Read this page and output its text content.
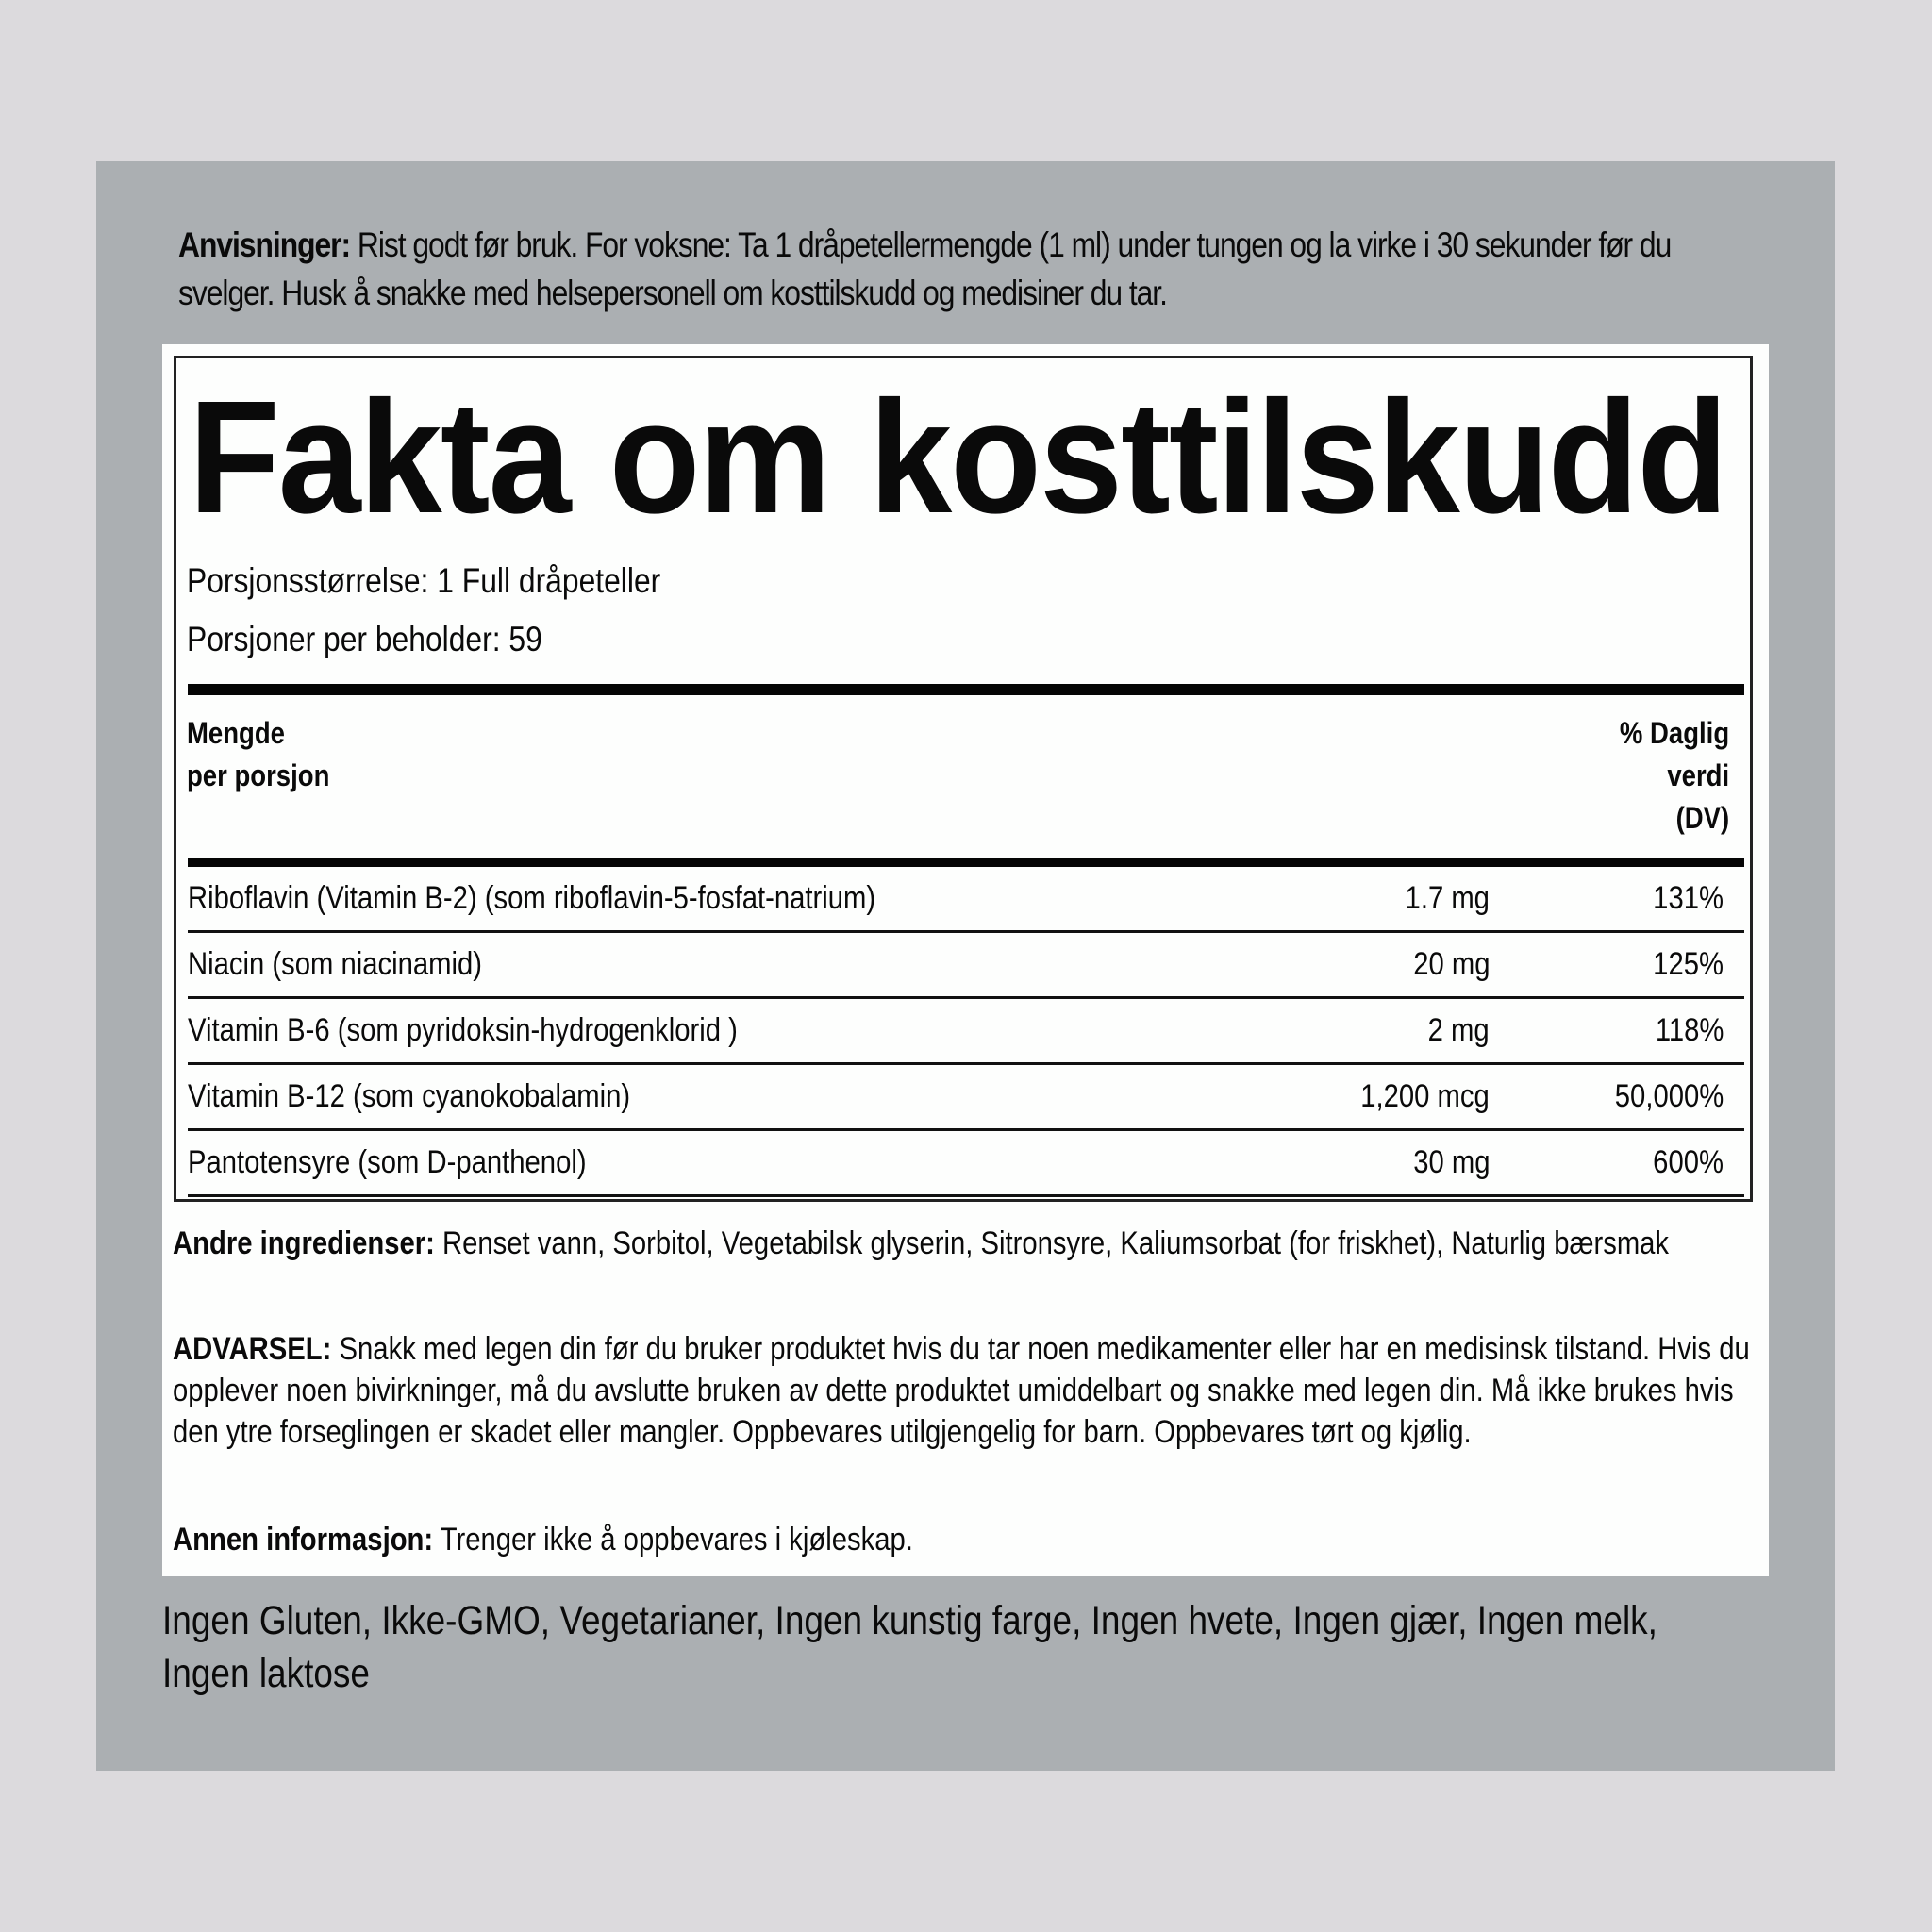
Anvisninger: Rist godt før bruk. For voksne: Ta 1 dråpetellermengde (1 ml) under tungen og la virke i 30 sekunder før du svelger. Husk å snakke med helsepersonell om kosttilskudd og medisiner du tar.
Fakta om kosttilskudd
Porsjonsstørrelse: 1 Full dråpeteller
Porsjoner per beholder: 59
Mengde
per porsjon
% Daglig
verdi
(DV)
Riboflavin (Vitamin B-2) (som riboflavin-5-fosfat-natrium)	1.7 mg	131%
Niacin (som niacinamid)	20 mg	125%
Vitamin B-6 (som pyridoksin-hydrogenklorid )	2 mg	118%
Vitamin B-12 (som cyanokobalamin)	1,200 mcg	50,000%
Pantotensyre (som D-panthenol)	30 mg	600%
Andre ingredienser: Renset vann, Sorbitol, Vegetabilsk glyserin, Sitronsyre, Kaliumsorbat (for friskhet), Naturlig bærsmak
ADVARSEL: Snakk med legen din før du bruker produktet hvis du tar noen medikamenter eller har en medisinsk tilstand. Hvis du opplever noen bivirkninger, må du avslutte bruken av dette produktet umiddelbart og snakke med legen din. Må ikke brukes hvis den ytre forseglingen er skadet eller mangler. Oppbevares utilgjengelig for barn. Oppbevares tørt og kjølig.
Annen informasjon: Trenger ikke å oppbevares i kjøleskap.
Ingen Gluten, Ikke-GMO, Vegetarianer, Ingen kunstig farge, Ingen hvete, Ingen gjær, Ingen melk, Ingen laktose
